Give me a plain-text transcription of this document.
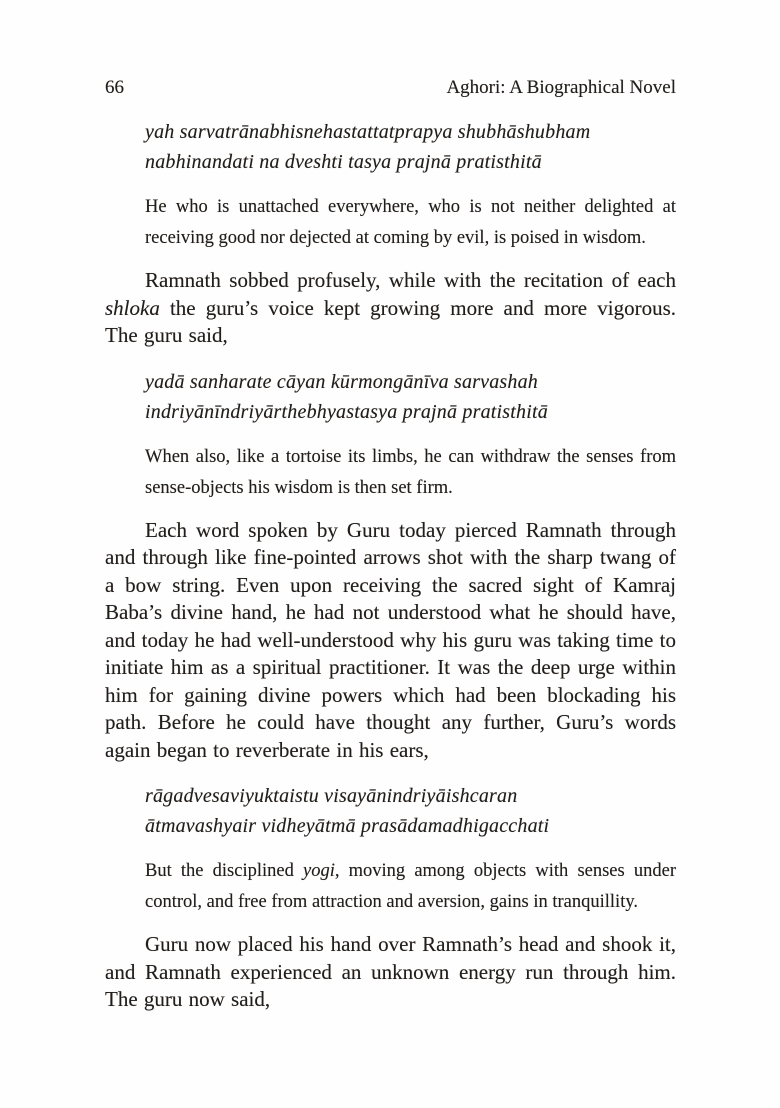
66	Aghori: A Biographical Novel
yah sarvatrānabhisnehastattatprapya shubhāshubham
nabhinandati na dveshti tasya prajnā pratisthitā

He who is unattached everywhere, who is not neither delighted at receiving good nor dejected at coming by evil, is poised in wisdom.

Ramnath sobbed profusely, while with the recitation of each shloka the guru’s voice kept growing more and more vigorous. The guru said,

yadā sanharate cāyan kūrmongānīva sarvashah
indriyānīndriyārthebhyastasya prajnā pratisthitā

When also, like a tortoise its limbs, he can withdraw the senses from sense-objects his wisdom is then set firm.

Each word spoken by Guru today pierced Ramnath through and through like fine-pointed arrows shot with the sharp twang of a bow string. Even upon receiving the sacred sight of Kamraj Baba’s divine hand, he had not understood what he should have, and today he had well-understood why his guru was taking time to initiate him as a spiritual practitioner. It was the deep urge within him for gaining divine powers which had been blockading his path. Before he could have thought any further, Guru’s words again began to reverberate in his ears,

rāgadvesaviyuktaistu visayānindriyāishcaran
ātmavashyair vidheyātmā prasādamadhigacchati

But the disciplined yogi, moving among objects with senses under control, and free from attraction and aversion, gains in tranquillity.

Guru now placed his hand over Ramnath’s head and shook it, and Ramnath experienced an unknown energy run through him. The guru now said,
